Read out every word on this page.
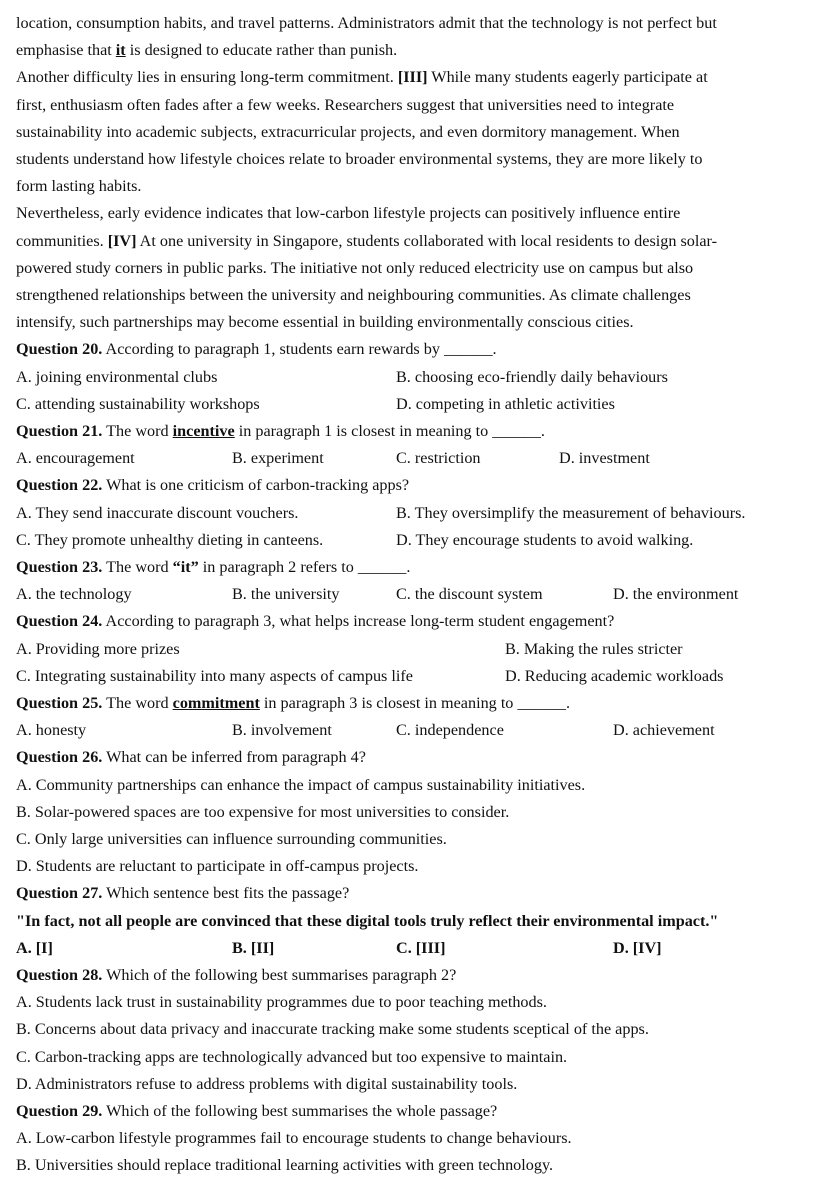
location, consumption habits, and travel patterns. Administrators admit that the technology is not perfect but

emphasise that it is designed to educate rather than punish.

Another difficulty lies in ensuring long-term commitment. [III] While many students eagerly participate at

first, enthusiasm often fades after a few weeks. Researchers suggest that universities need to integrate

sustainability into academic subjects, extracurricular projects, and even dormitory management. When

students understand how lifestyle choices relate to broader environmental systems, they are more likely to

form lasting habits.

Nevertheless, early evidence indicates that low-carbon lifestyle projects can positively influence entire

communities. [IV] At one university in Singapore, students collaborated with local residents to design solar-

powered study corners in public parks. The initiative not only reduced electricity use on campus but also

strengthened relationships between the university and neighbouring communities. As climate challenges

intensify, such partnerships may become essential in building environmentally conscious cities.

Question 20. According to paragraph 1, students earn rewards by ______.
A. joining environmental clubs	B. choosing eco-friendly daily behaviours
C. attending sustainability workshops	D. competing in athletic activities
Question 21. The word incentive in paragraph 1 is closest in meaning to ______.
A. encouragement	B. experiment	C. restriction	D. investment
Question 22. What is one criticism of carbon-tracking apps?
A. They send inaccurate discount vouchers.	B. They oversimplify the measurement of behaviours.
C. They promote unhealthy dieting in canteens.	D. They encourage students to avoid walking.
Question 23. The word “it” in paragraph 2 refers to ______.
A. the technology	B. the university	C. the discount system	D. the environment
Question 24. According to paragraph 3, what helps increase long-term student engagement?
A. Providing more prizes	B. Making the rules stricter
C. Integrating sustainability into many aspects of campus life	D. Reducing academic workloads
Question 25. The word commitment in paragraph 3 is closest in meaning to ______.
A. honesty	B. involvement	C. independence	D. achievement
Question 26. What can be inferred from paragraph 4?
A. Community partnerships can enhance the impact of campus sustainability initiatives.
B. Solar-powered spaces are too expensive for most universities to consider.
C. Only large universities can influence surrounding communities.
D. Students are reluctant to participate in off-campus projects.
Question 27. Which sentence best fits the passage?
"In fact, not all people are convinced that these digital tools truly reflect their environmental impact."
A. [I]	B. [II]	C. [III]	D. [IV]
Question 28. Which of the following best summarises paragraph 2?
A. Students lack trust in sustainability programmes due to poor teaching methods.
B. Concerns about data privacy and inaccurate tracking make some students sceptical of the apps.
C. Carbon-tracking apps are technologically advanced but too expensive to maintain.
D. Administrators refuse to address problems with digital sustainability tools.
Question 29. Which of the following best summarises the whole passage?
A. Low-carbon lifestyle programmes fail to encourage students to change behaviours.
B. Universities should replace traditional learning activities with green technology.
